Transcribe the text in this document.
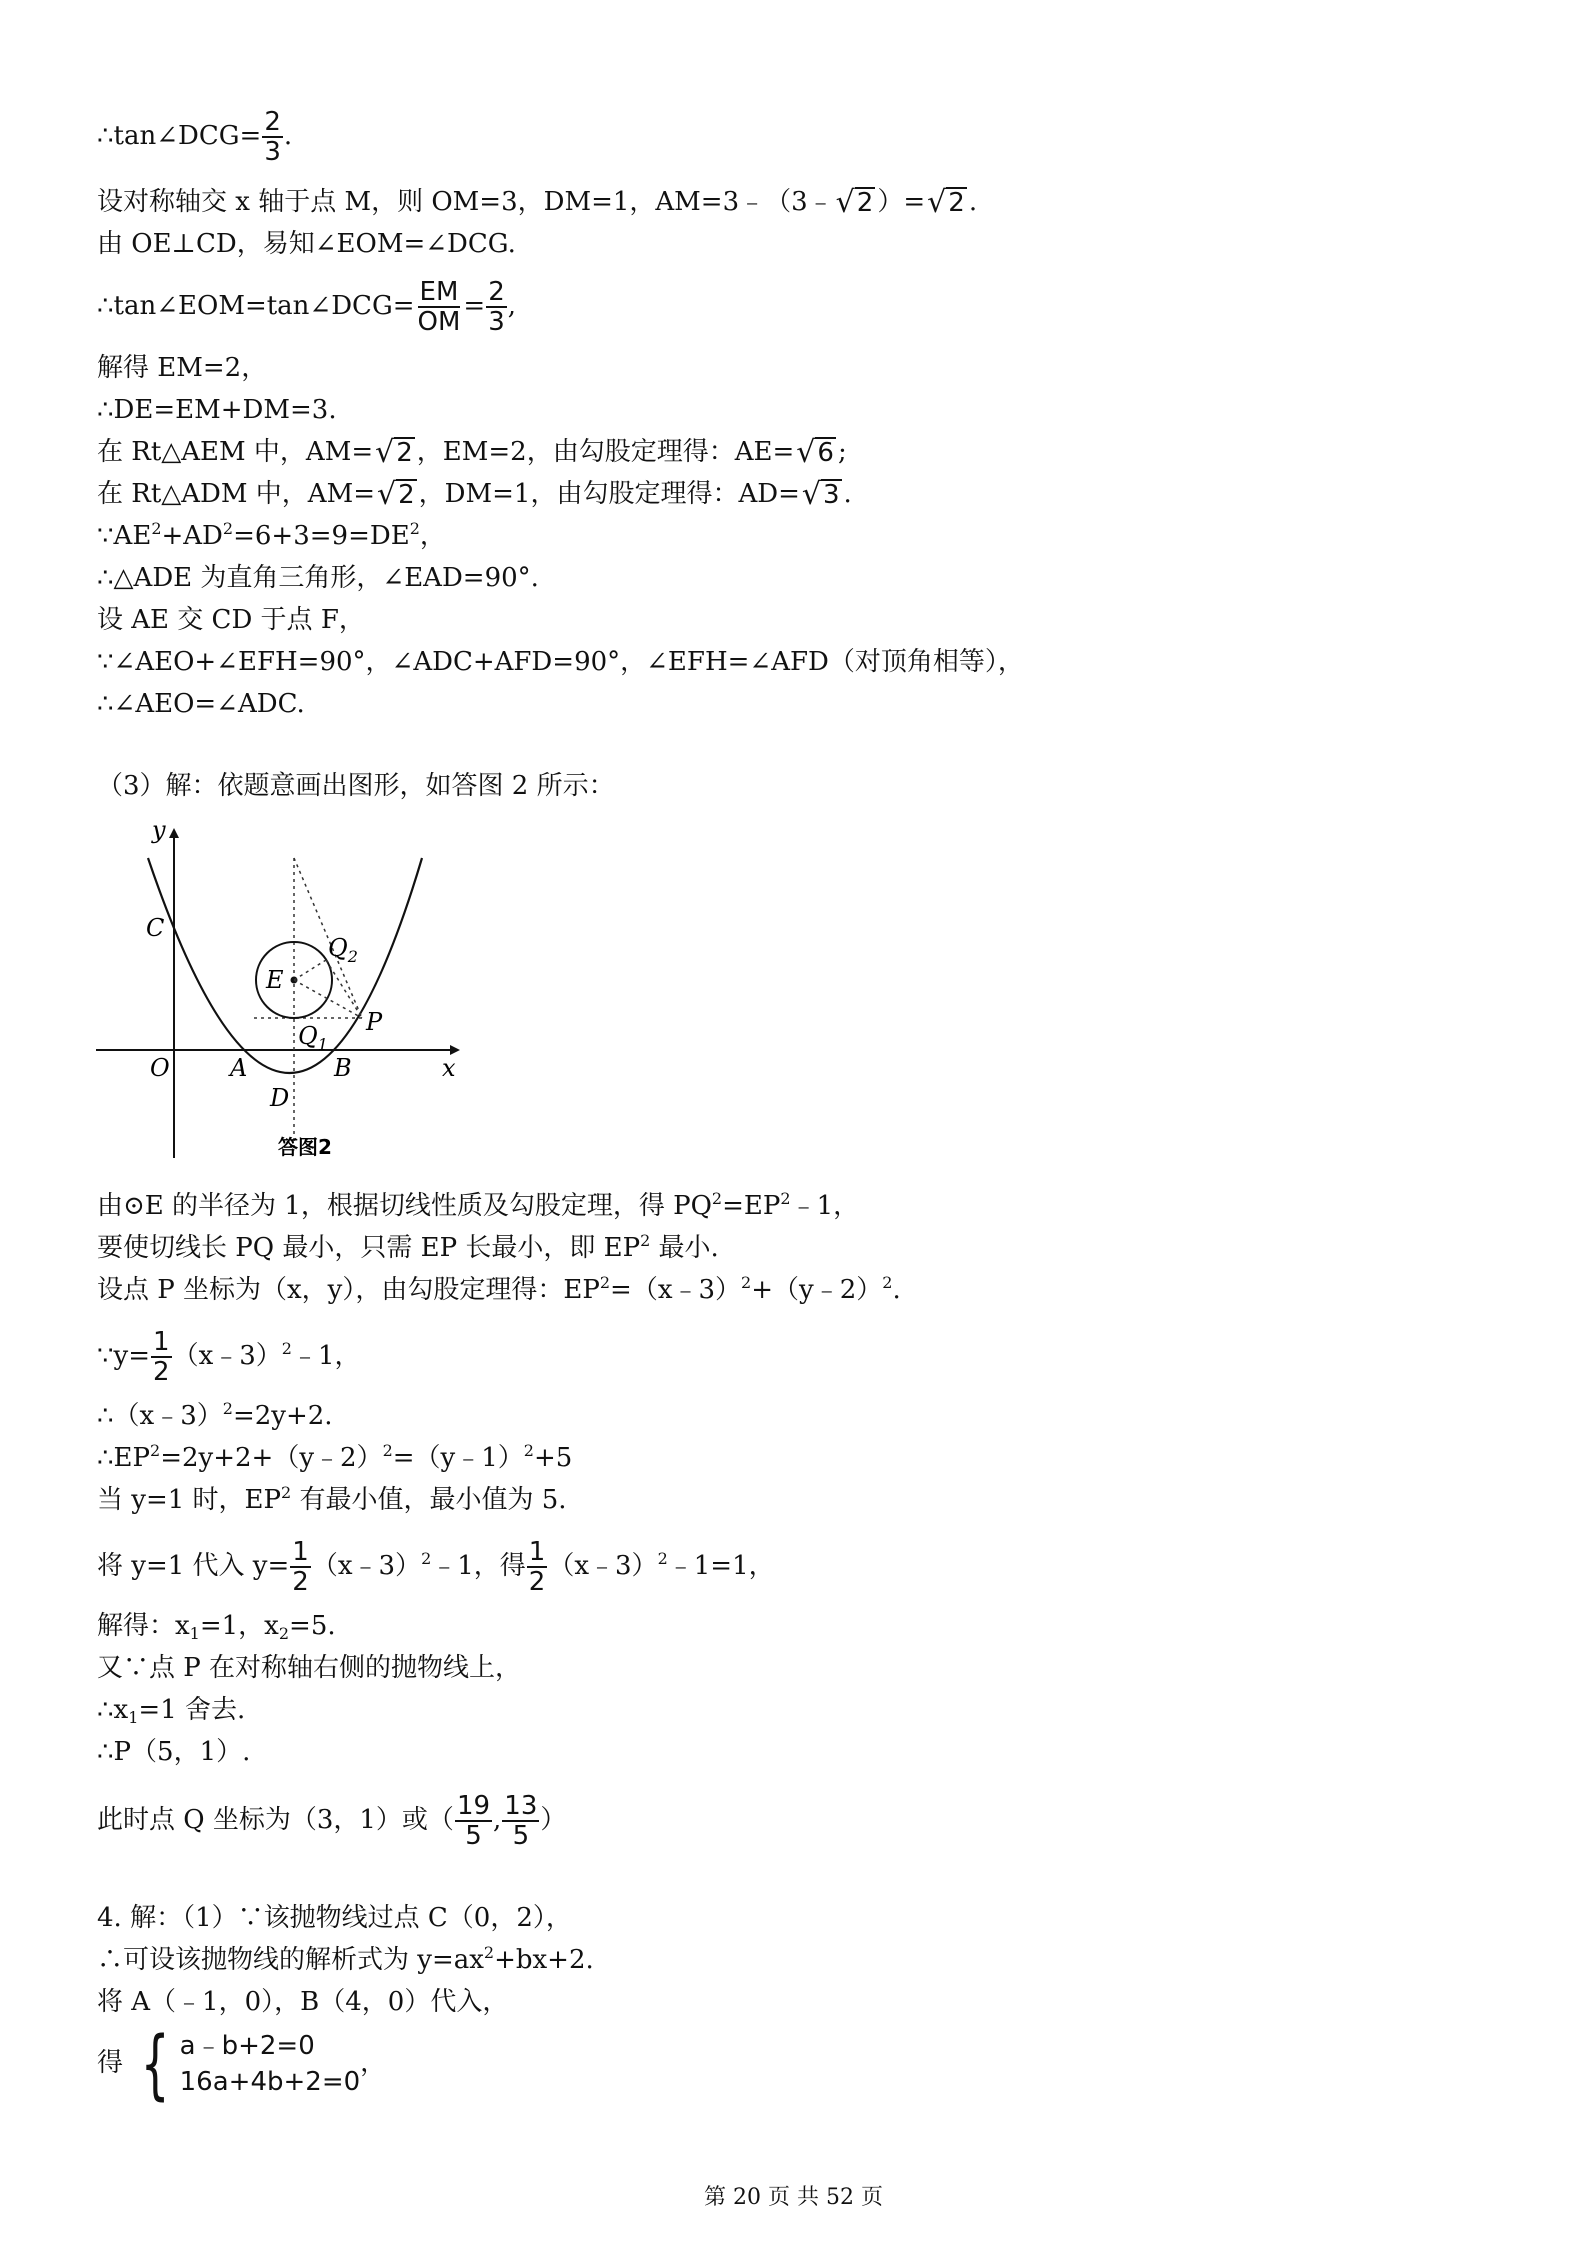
∴tan∠DCG= $\frac{2}{3}$ .
设对称轴交 x 轴于点 M，则 OM=3，DM=1，AM=3﹣（3﹣ √ 2 ）= √ 2 .
由 OE⊥CD，易知∠EOM=∠DCG.
∴tan∠EOM=tan∠DCG= $\frac{EM}{OM} = \frac{2}{3}$ ,
解得 EM=2，
∴DE=EM+DM=3.
在 Rt△AEM 中，AM= √ 2 ，EM=2，由勾股定理得：AE= √ 6 ;
在 Rt△ADM 中，AM= √ 2 ，DM=1，由勾股定理得：AD= √ 3 .
$\because AE^2+AD^2=6+3=9=DE^2$，
∴△ADE 为直角三角形，∠EAD=90°.
设 AE 交 CD 于点 F，
∵∠AEO+∠EFH=90°，∠ADC+AFD=90°，∠EFH=∠AFD（对顶角相等），
∴∠AEO=∠ADC.
（3）解：依题意画出图形，如答图 2 所示：
y
x
C
E
$Q_2$
$Q_1$
P
O	A	B
D
答图2
由⊙E 的半径为 1，根据切线性质及勾股定理，得 $PQ^2=EP^2﹣1$，
要使切线长 PQ 最小，只需 EP 长最小，即 $EP^2$ 最小.
设点 P 坐标为（x，y），由勾股定理得：$EP^2=(x﹣3)^2+(y﹣2)^2$.
∵y= $\frac{1}{2}$ （x﹣3）$^2$﹣1，
∴（x﹣3）$^2$=2y+2.
$\therefore EP^2=2y+2+(y﹣2)^2=(y﹣1)^2+5$
当 y=1 时，$EP^2$ 有最小值，最小值为 5.
将 y=1 代入 $y= \frac{1}{2}$ （x﹣3）$^2$﹣1，得 $\frac{1}{2}$ （x﹣3）$^2$﹣1=1，
解得：$x_1=1$，$x_2=5$.
又∵点 P 在对称轴右侧的抛物线上，
$\therefore x_1=1$ 舍去.
∴P（5，1）.
此时点 Q 坐标为（3，1）或（ $\frac{19}{5}$ , $\frac{13}{5}$ ）
4. 解：（1）∵该抛物线过点 C（0，2），
∴可设该抛物线的解析式为 $y=ax^2+bx+2$.
将 A（﹣1，0），B（4，0）代入，
得 { a﹣b+2=0
16a+4b+2=0
，
第 20 页 共 52 页
